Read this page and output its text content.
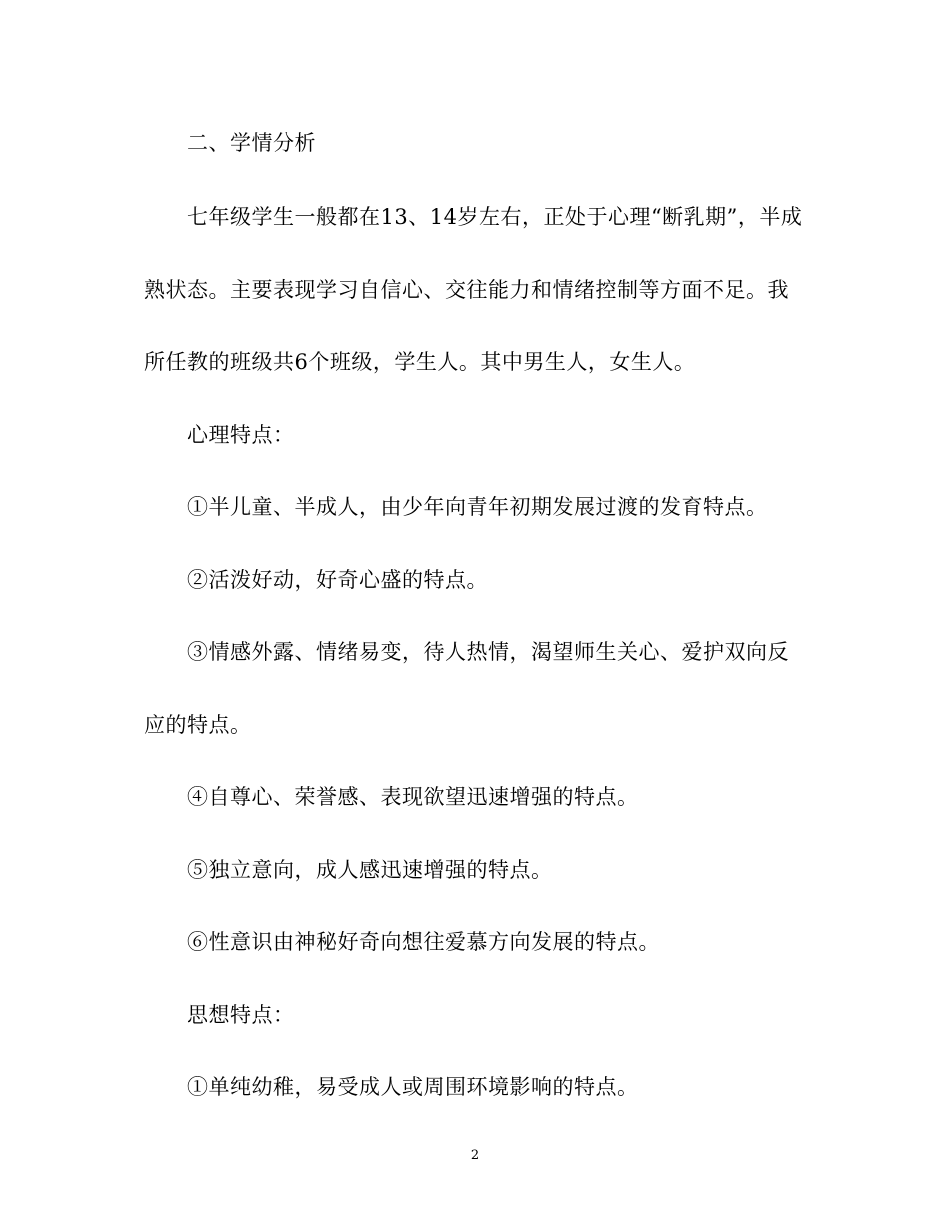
二、学情分析
七年级学生一般都在13、14岁左右，正处于心理“断乳期”，半成
熟状态。主要表现学习自信心、交往能力和情绪控制等方面不足。我
所任教的班级共6个班级，学生人。其中男生人，女生人。
心理特点：
①半儿童、半成人，由少年向青年初期发展过渡的发育特点。
②活泼好动，好奇心盛的特点。
③情感外露、情绪易变，待人热情，渴望师生关心、爱护双向反
应的特点。
④自尊心、荣誉感、表现欲望迅速增强的特点。
⑤独立意向，成人感迅速增强的特点。
⑥性意识由神秘好奇向想往爱慕方向发展的特点。
思想特点：
①单纯幼稚，易受成人或周围环境影响的特点。
2
